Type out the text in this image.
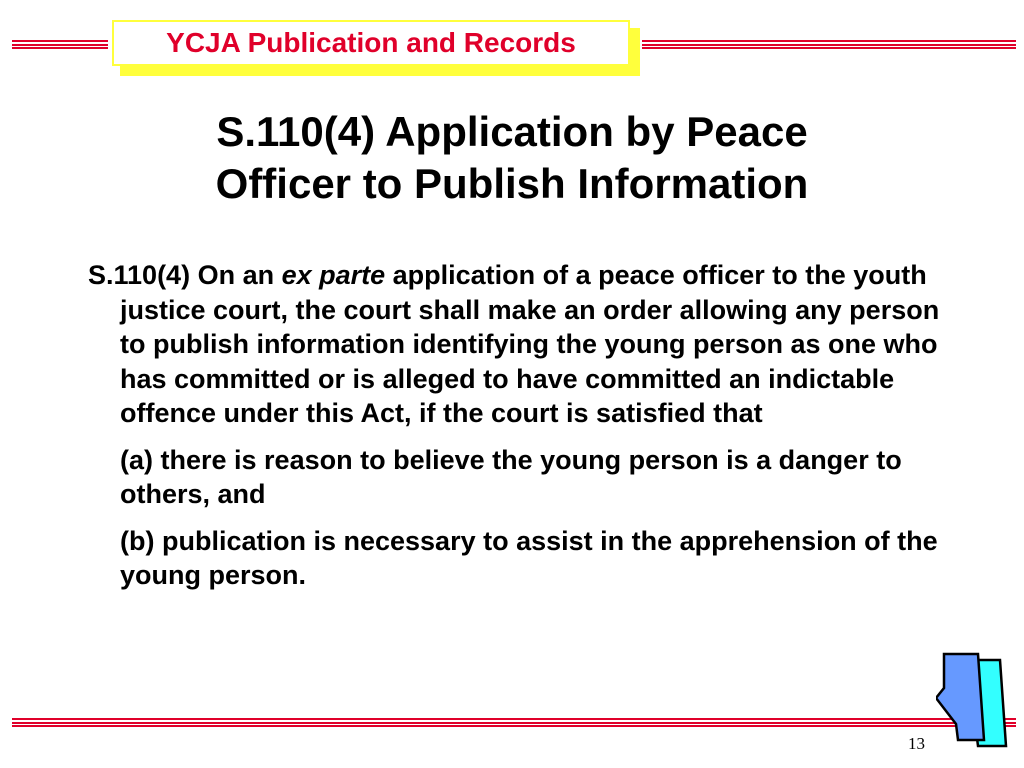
YCJA Publication and Records
S.110(4) Application by Peace
Officer to Publish Information

S.110(4) On an ex parte application of a peace officer to the youth justice court, the court shall make an order allowing any person to publish information identifying the young person as one who has committed or is alleged to have committed an indictable offence under this Act, if the court is satisfied that

(a) there is reason to believe the young person is a danger to others, and

(b) publication is necessary to assist in the apprehension of the young person.

13
